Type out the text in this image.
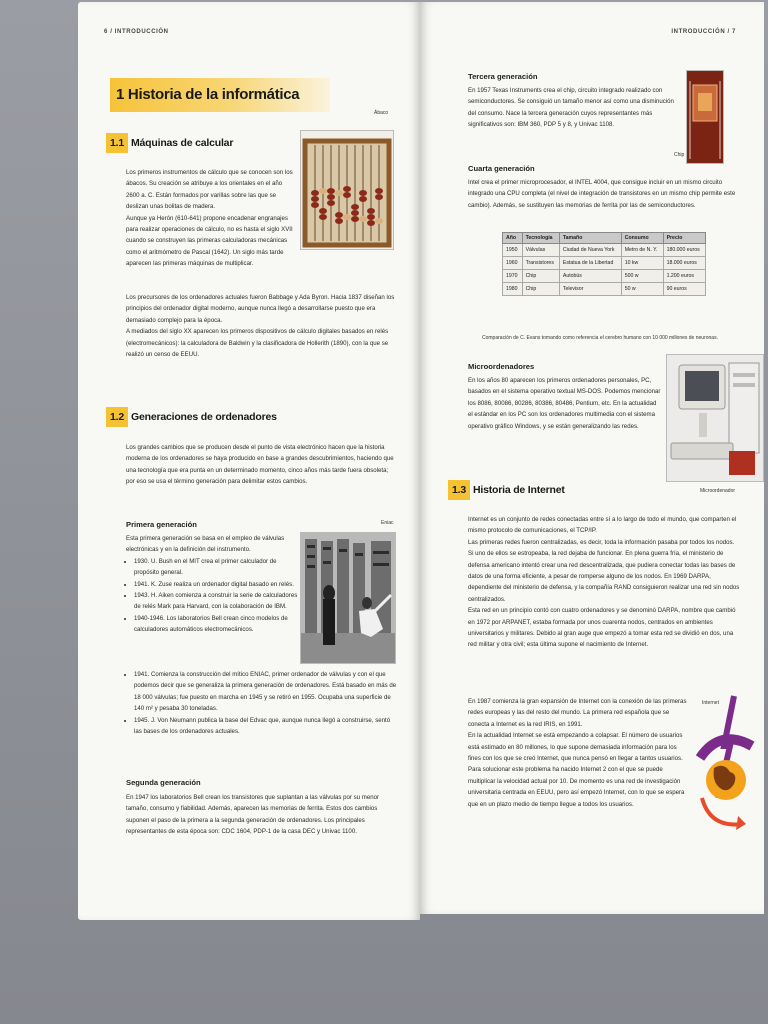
6 / INTRODUCCIÓN
1 Historia de la informática
Ábaco
1.1 Máquinas de calcular

Los primeros instrumentos de cálculo que se conocen son los ábacos. Su creación se atribuye a los orientales en el año 2600 a. C. Están formados por varillas sobre las que se deslizan unas bolitas de madera.

Aunque ya Herón (610-641) propone encadenar engranajes para realizar operaciones de cálculo, no es hasta el siglo XVII cuando se construyen las primeras calculadoras mecánicas como el aritmómetro de Pascal (1642). Un siglo más tarde aparecen las primeras máquinas de multiplicar.

Los precursores de los ordenadores actuales fueron Babbage y Ada Byron. Hacia 1837 diseñan los principios del ordenador digital moderno, aunque nunca llegó a desarrollarse puesto que era demasiado complejo para la época.

A mediados del siglo XX aparecen los primeros dispositivos de cálculo digitales basados en relés (electromecánicos): la calculadora de Baldwin y la clasificadora de Hollerith (1890), con la que se realizó un censo de EEUU.

1.2 Generaciones de ordenadores

Los grandes cambios que se producen desde el punto de vista electrónico hacen que la historia moderna de los ordenadores se haya producido en base a grandes descubrimientos, haciendo que una tecnología que era punta en un determinado momento, cinco años más tarde fuera obsoleta; por eso se usa el término generación para delimitar estos cambios.

Eniac
Primera generación

Esta primera generación se basa en el empleo de válvulas electrónicas y en la definición del instrumento.

• 1930. U. Bush en el MIT crea el primer calculador de propósito general.
• 1941. K. Zuse realiza un ordenador digital basado en relés.
• 1943. H. Aiken comienza a construir la serie de calculadores de relés Mark para Harvard, con la colaboración de IBM.
• 1940-1946. Los laboratorios Bell crean cinco modelos de calculadores automáticos electromecánicos.
• 1941. Comienza la construcción del mítico ENIAC, primer ordenador de válvulas y con el que podemos decir que se generaliza la primera generación de ordenadores. Está basado en más de 18 000 válvulas; fue puesto en marcha en 1945 y se retiró en 1955. Ocupaba una superficie de 140 m² y pesaba 30 toneladas.
• 1945. J. Von Neumann publica la base del Edvac que, aunque nunca llegó a construirse, sentó las bases de los ordenadores actuales.
Segunda generación

En 1947 los laboratorios Bell crean los transistores que suplantan a las válvulas por su menor tamaño, consumo y fiabilidad. Además, aparecen las memorias de ferrita. Estos dos cambios suponen el paso de la primera a la segunda generación de ordenadores. Los principales representantes de esta época son: CDC 1604, PDP-1 de la casa DEC y Univac 1100.

INTRODUCCIÓN / 7
Tercera generación

En 1957 Texas Instruments crea el chip, circuito integrado realizado con semiconductores. Se consiguió un tamaño menor así como una disminución del consumo. Nace la tercera generación cuyos representantes más significativos son: IBM 360, PDP 5 y 8, y Univac 1108.

Chip
Cuarta generación

Intel crea el primer microprocesador, el INTEL 4004, que consigue incluir en un mismo circuito integrado una CPU completa (el nivel de integración de transistores en un mismo chip permite este cambio). Además, se sustituyen las memorias de ferrita por las de semiconductores.

Año	Tecnología	Tamaño	Consumo	Precio
1950	Válvulas	Ciudad de Nueva York	Metro de N. Y.	180.000 euros
1960	Transistores	Estatua de la Libertad	10 kw	18.000 euros
1970	Chip	Autobús	500 w	1.200 euros
1980	Chip	Televisor	50 w	90 euros
Comparación de C. Evans tomando como referencia el cerebro humano con 10 000 millones de neuronas.
Microordenadores

En los años 80 aparecen los primeros ordenadores personales, PC, basados en el sistema operativo textual MS-DOS. Podemos mencionar los 8086, 80086, 80286, 80386, 80486, Pentium, etc. En la actualidad el estándar en los PC son los ordenadores multimedia con el sistema operativo gráfico Windows, y se están generalizando las redes.

Microordenador
1.3 Historia de Internet

Internet es un conjunto de redes conectadas entre sí a lo largo de todo el mundo, que comparten el mismo protocolo de comunicaciones, el TCP/IP.

Las primeras redes fueron centralizadas, es decir, toda la información pasaba por todos los nodos. Si uno de ellos se estropeaba, la red dejaba de funcionar. En plena guerra fría, el ministerio de defensa americano intentó crear una red descentralizada, que pudiera conectar todas las bases de datos de una forma eficiente, a pesar de romperse alguno de los nodos. En 1969 DARPA, dependiente del ministerio de defensa, y la compañía RAND consiguieron realizar una red sin nodos centralizados.

Esta red en un principio contó con cuatro ordenadores y se denominó DARPA, nombre que cambió en 1972 por ARPANET, estaba formada por unos cuarenta nodos, centrados en ambientes universitarios y militares. Debido al gran auge que empezó a tomar esta red se dividió en dos, una red militar y otra civil; esta última supone el nacimiento de Internet.

En 1987 comienza la gran expansión de Internet con la conexión de las primeras redes europeas y las del resto del mundo. La primera red española que se conecta a Internet es la red IRIS, en 1991.

En la actualidad Internet se está empezando a colapsar. El número de usuarios está estimado en 80 millones, lo que supone demasiada información para los fines con los que se creó Internet, que nunca pensó en llegar a tantos usuarios.

Para solucionar este problema ha nacido Internet 2 con el que se puede multiplicar la velocidad actual por 10. De momento es una red de investigación universitaria centrada en EEUU, pero así empezó Internet, con lo que se espera que en un plazo medio de tiempo llegue a todos los usuarios.

Internet
